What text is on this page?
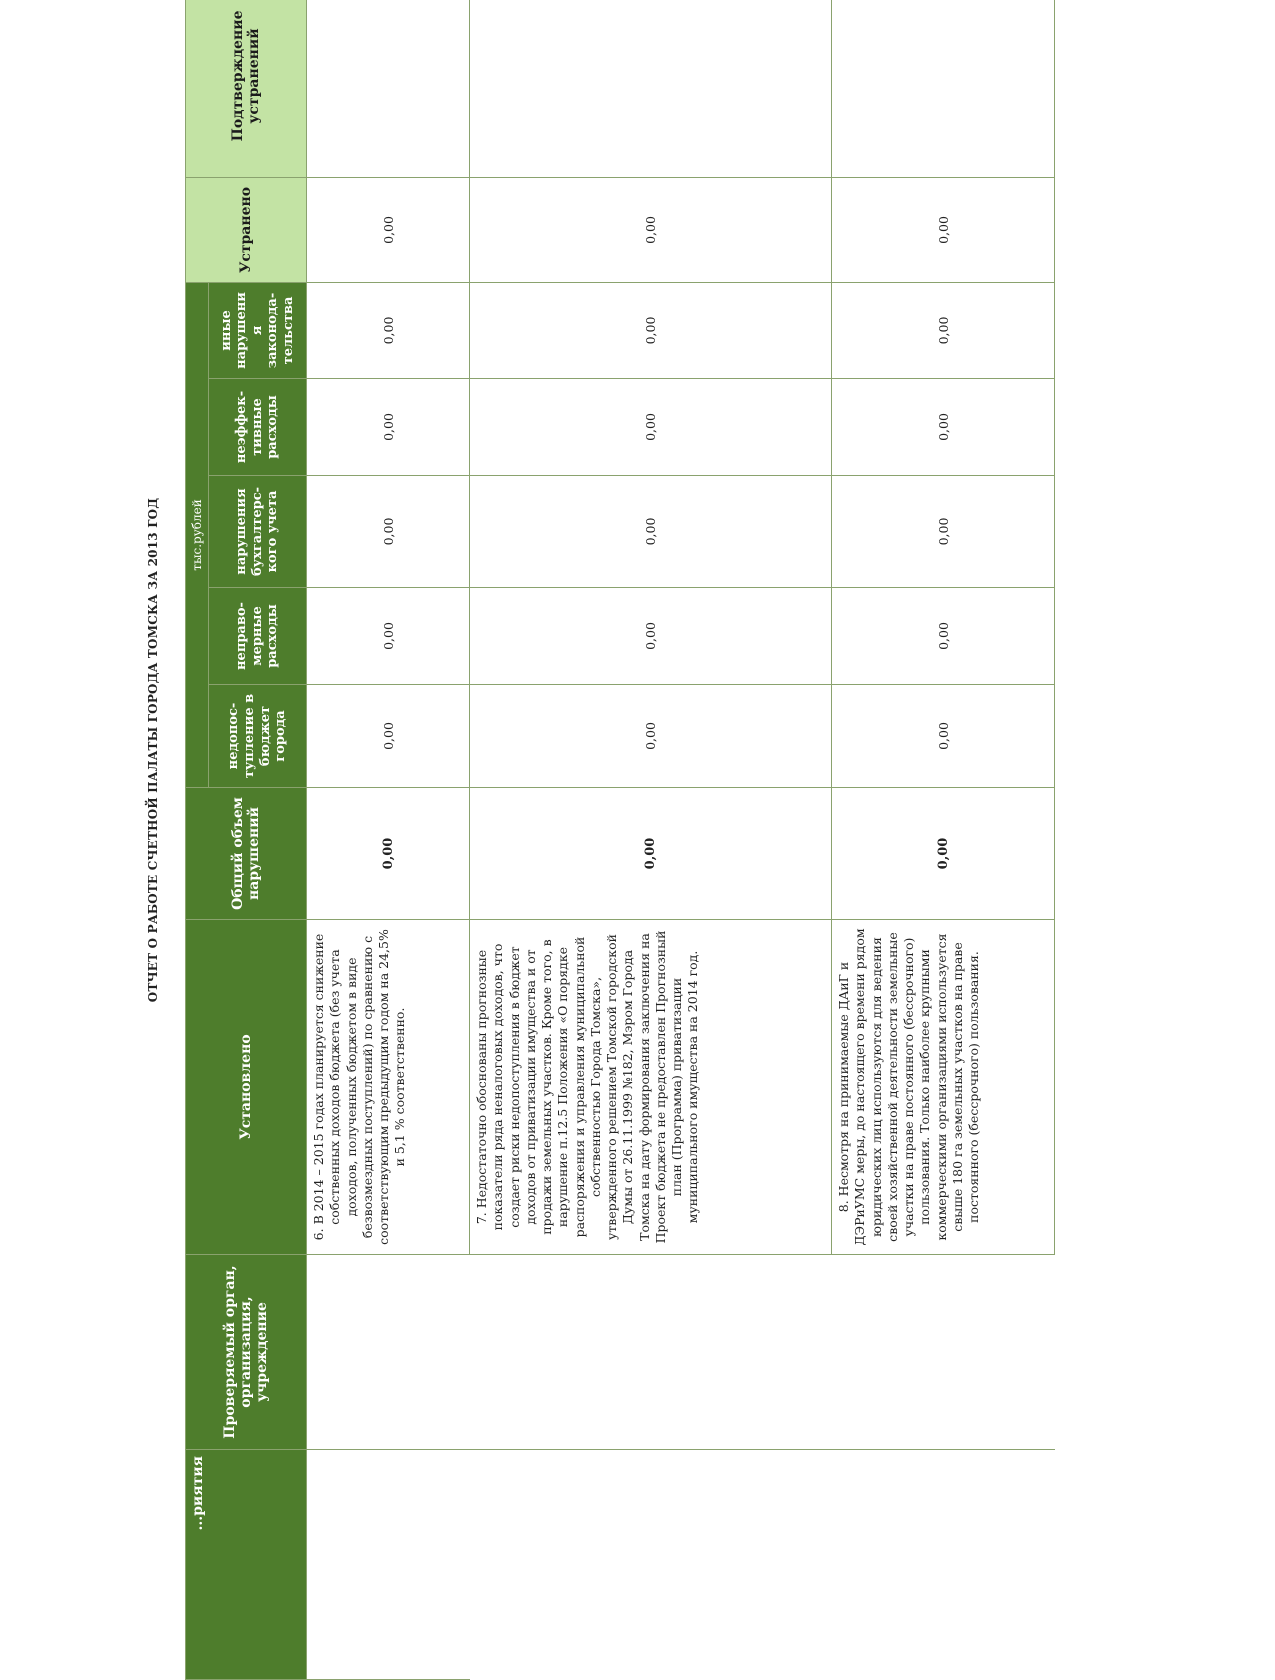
ОТЧЕТ О РАБОТЕ СЧЕТНОЙ ПАЛАТЫ ГОРОДА ТОМСКА ЗА 2013 ГОД
...риятия	Проверяемый орган, организация, учреждение	Установлено	Общий объем нарушений	тыс.рублей					Устранено	Подтверждение устранений
				недопос-тупление в бюджет города	неправо-мерные расходы	нарушения бухгалтерс-кого учета	неэффек-тивные расходы	иные нарушени я законода-тельства		
		6. В 2014 – 2015 годах планируется снижение собственных доходов бюджета (без учета доходов, полученных бюджетом в виде безвозмездных поступлений) по сравнению с соответствующим предыдущим годом на 24,5% и 5,1 % соответственно.	0,00	0,00	0,00	0,00	0,00	0,00	0,00	
		7. Недостаточно обоснованы прогнозные показатели ряда неналоговых доходов, что создает риски недопоступления в бюджет доходов от приватизации имущества и от продажи земельных участков. Кроме того, в нарушение п.12.5 Положения «О порядке распоряжения и управления муниципальной собственностью Города Томска», утвержденного решением Томской городской Думы от 26.11.1999 №182, Мэром Города Томска на дату формирования заключения на Проект бюджета не предоставлен Прогнозный план (Программа) приватизации муниципального имущества на 2014 год.	0,00	0,00	0,00	0,00	0,00	0,00	0,00	
		8. Несмотря на принимаемые ДАиГ и ДЭРиУМС меры, до настоящего времени рядом юридических лиц используются для ведения своей хозяйственной деятельности земельные участки на праве постоянного (бессрочного) пользования. Только наиболее крупными коммерческими организациями используется свыше 180 га земельных участков на праве постоянного (бессрочного) пользования.	0,00	0,00	0,00	0,00	0,00	0,00	0,00	
